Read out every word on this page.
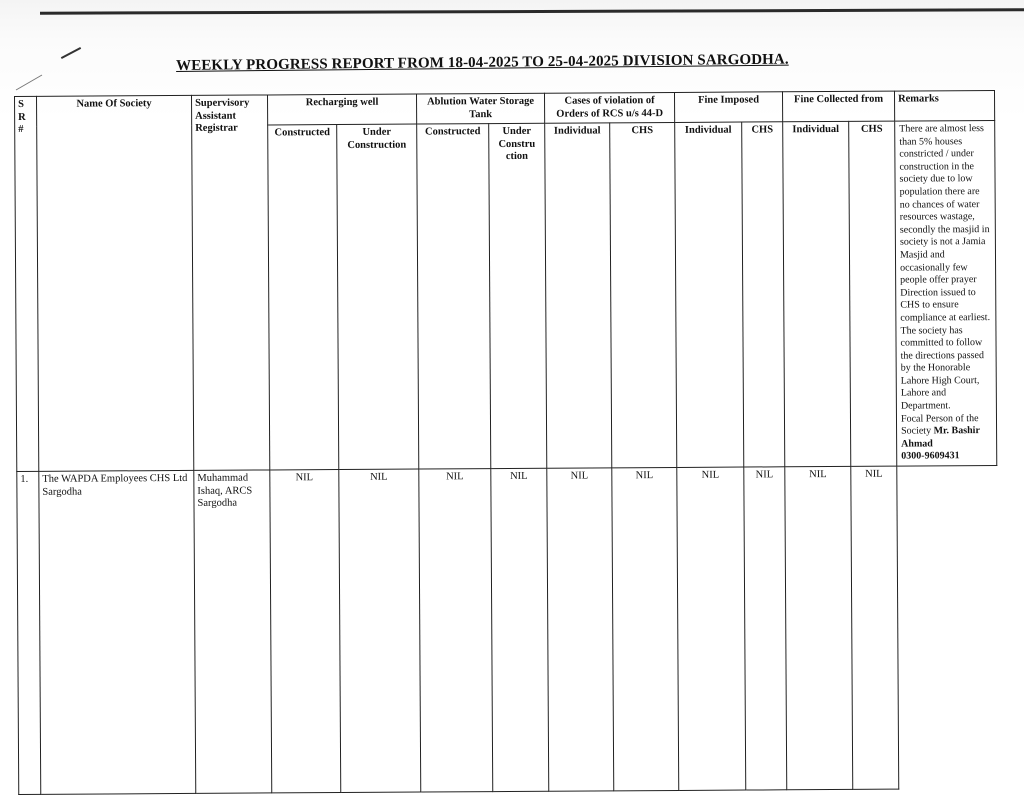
WEEKLY PROGRESS REPORT FROM 18-04-2025 TO 25-04-2025 DIVISION SARGODHA.
S R #	Name Of Society	Supervisory Assistant Registrar	Recharging well		Ablution Water Storage Tank		Cases of violation of Orders of RCS u/s 44-D		Fine Imposed		Fine Collected from		Remarks
			Constructed	Under Construction	Constructed	Under Constru ction	Individual	CHS	Individual	CHS	Individual	CHS	There are almost less than 5% houses constricted / under construction in the society due to low population there are no chances of water resources wastage, secondly the masjid in society is not a Jamia Masjid and occasionally few people offer prayer Direction issued to CHS to ensure compliance at earliest.
The society has committed to follow the directions passed by the Honorable Lahore High Court, Lahore and Department.
Focal Person of the Society Mr. Bashir Ahmad
0300-9609431
1.	The WAPDA Employees CHS Ltd Sargodha	Muhammad Ishaq, ARCS Sargodha	NIL	NIL	NIL	NIL	NIL	NIL	NIL	NIL	NIL	NIL	
